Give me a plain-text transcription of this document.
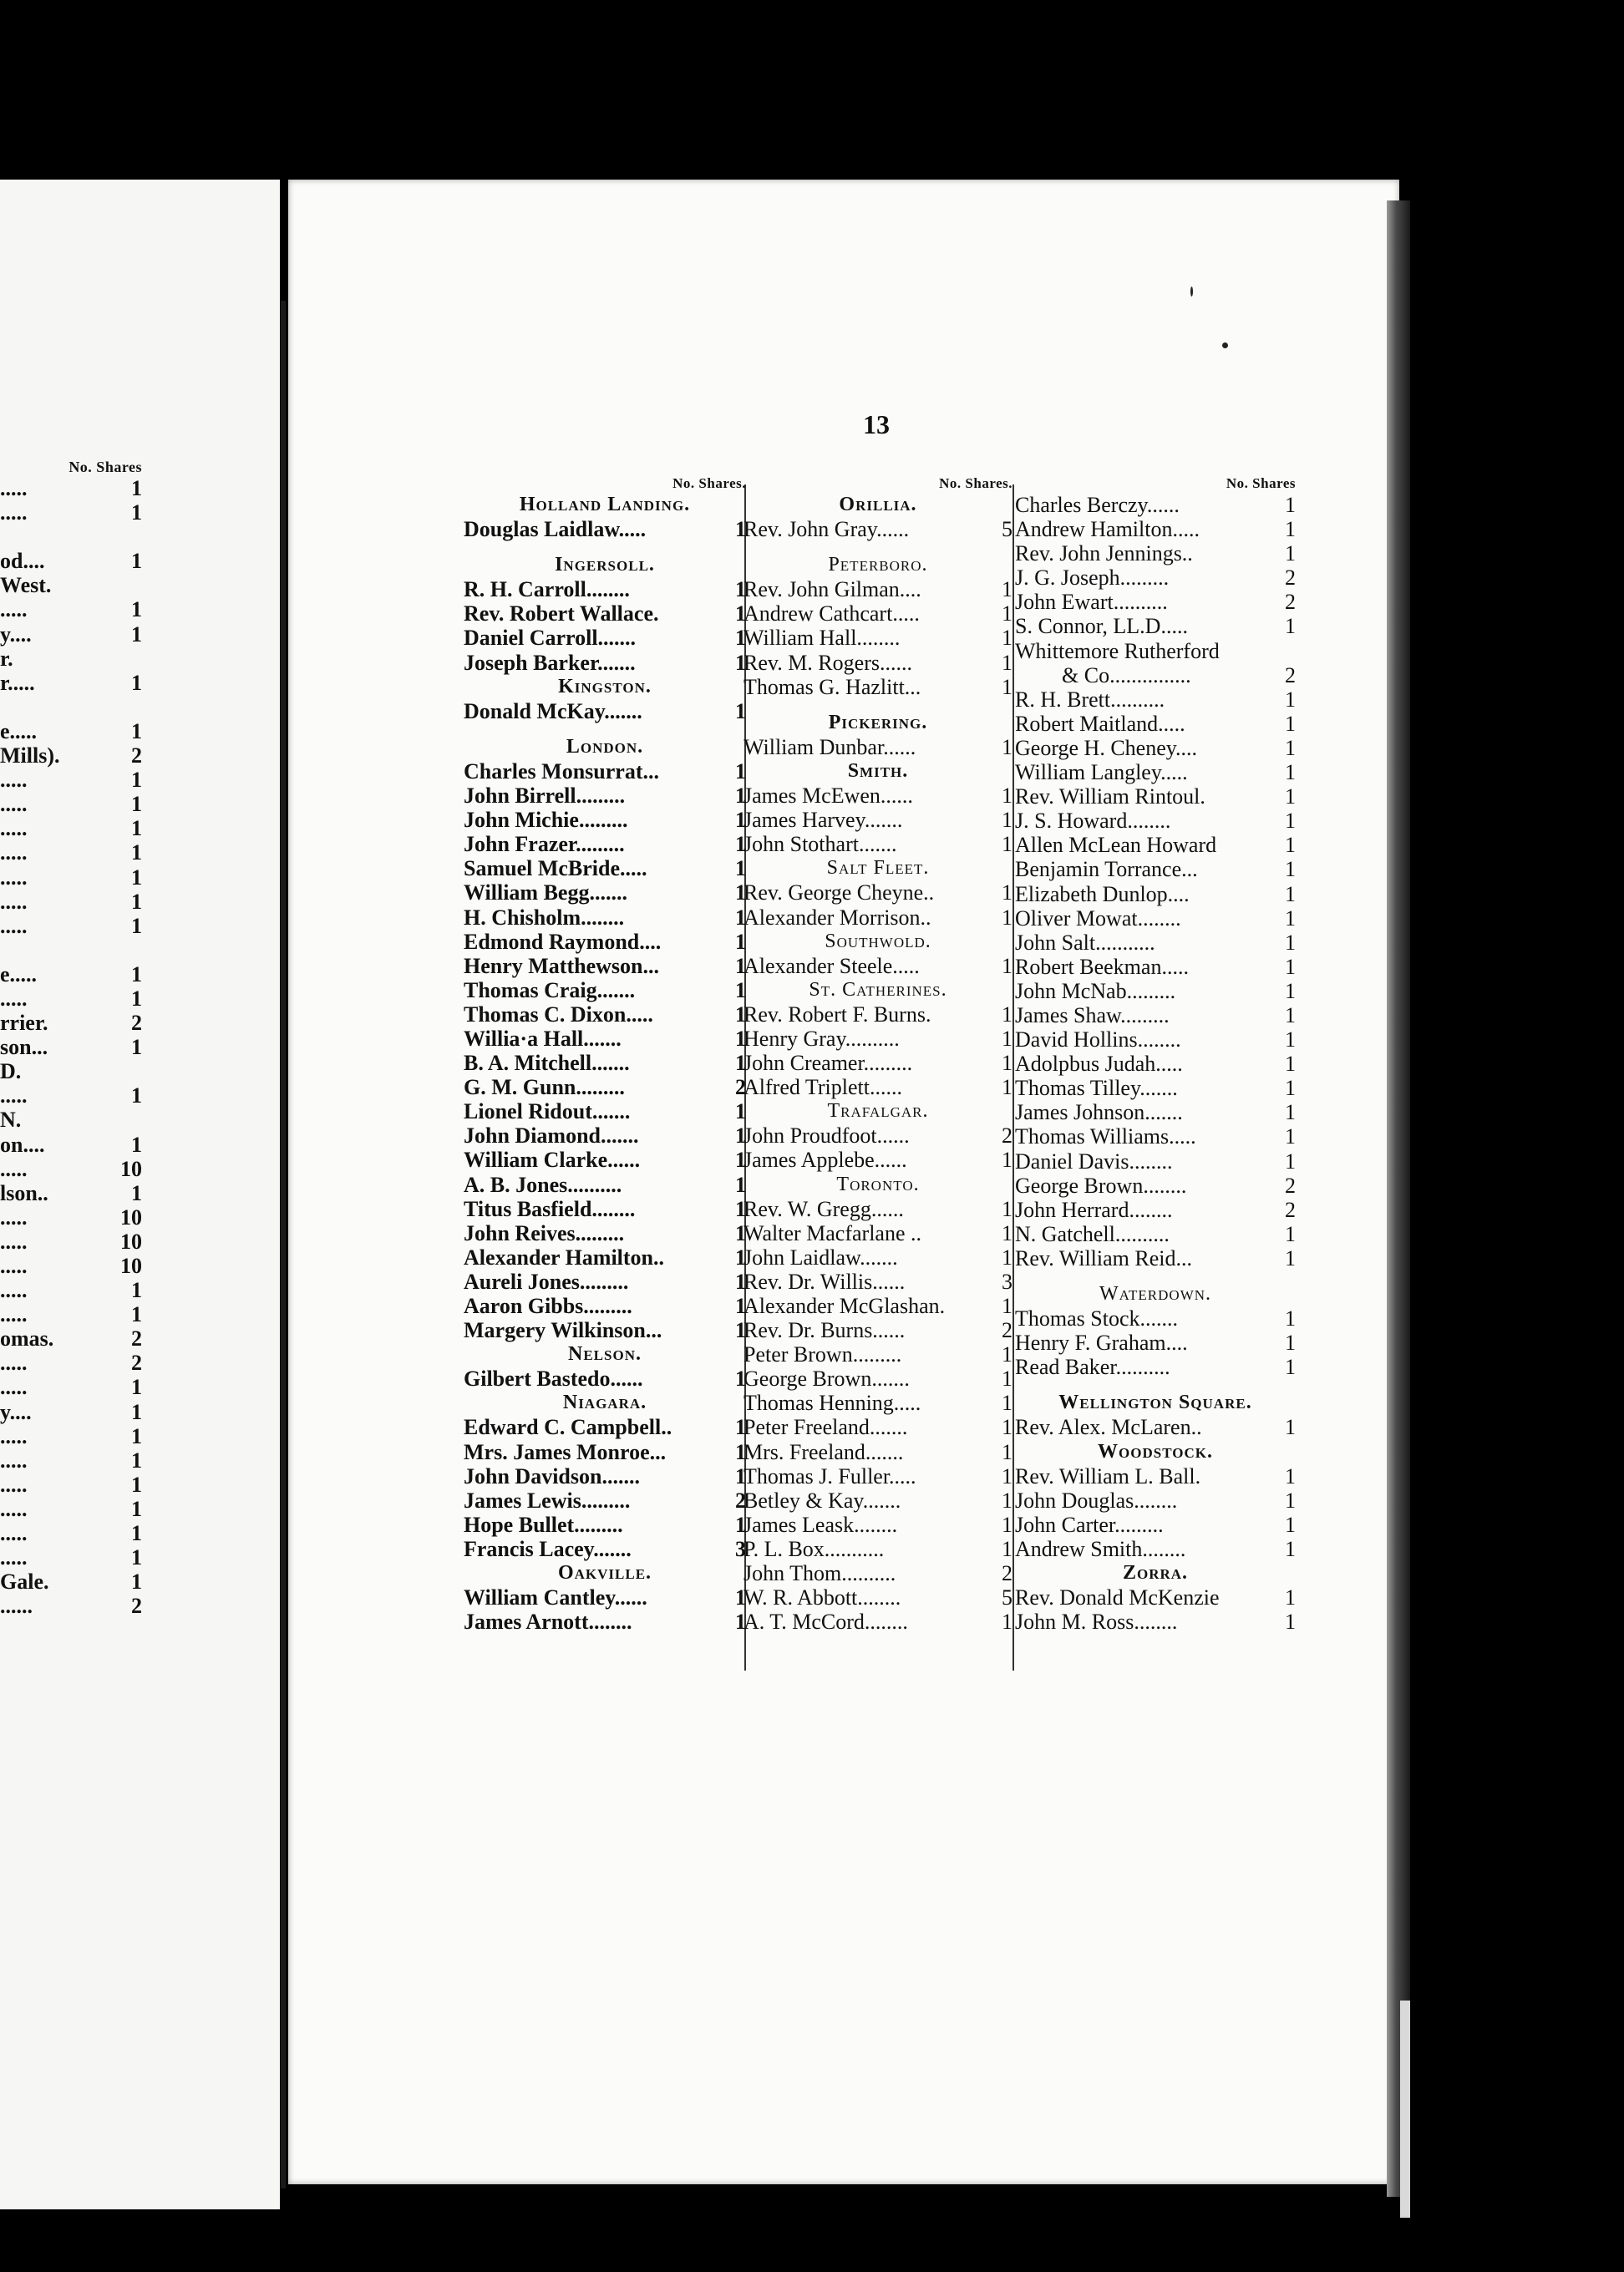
No. Shares
.....	1
.....	1
od....	1
West.
.....	1
y....	1
r.
r.....	1
e.....	1
Mills).	2
.....	1
.....	1
.....	1
.....	1
.....	1
.....	1
.....	1
e.....	1
.....	1
rrier.	2
son...	1
D.
.....	1
N.
on....	1
.....	10
lson..	1
.....	10
.....	10
.....	10
.....	1
.....	1
omas.	2
.....	2
.....	1
y....	1
.....	1
.....	1
.....	1
.....	1
.....	1
.....	1
Gale.	1
......	2
13
No. Shares.
Holland Landing.
Douglas Laidlaw.....	1
Ingersoll.
R. H. Carroll........	1
Rev. Robert Wallace.	1
Daniel Carroll.......	1
Joseph Barker.......	1
Kingston.
Donald McKay.......	1
London.
Charles Monsurrat...	1
John Birrell.........	1
John Michie.........	1
John Frazer.........	1
Samuel McBride.....	1
William Begg.......	1
H. Chisholm........	1
Edmond Raymond....	1
Henry Matthewson...	1
Thomas Craig.......	1
Thomas C. Dixon.....	1
Willia·a Hall.......	1
B. A. Mitchell.......	1
G. M. Gunn.........	2
Lionel Ridout.......	1
John Diamond.......	1
William Clarke......	1
A. B. Jones..........	1
Titus Basfield........	1
John Reives.........	1
Alexander Hamilton..	1
Aureli Jones.........	1
Aaron Gibbs.........	1
Margery Wilkinson...	1
Nelson.
Gilbert Bastedo......	1
Niagara.
Edward C. Campbell..	1
Mrs. James Monroe...	1
John Davidson.......	1
James Lewis.........	2
Hope Bullet.........	1
Francis Lacey.......	3
Oakville.
William Cantley......	1
James Arnott........	1
No. Shares.
Orillia.
Rev. John Gray......	5
Peterboro.
Rev. John Gilman....	1
Andrew Cathcart.....	1
William Hall........	1
Rev. M. Rogers......	1
Thomas G. Hazlitt...	1
Pickering.
William Dunbar......	1
Smith.
James McEwen......	1
James Harvey.......	1
John Stothart.......	1
Salt Fleet.
Rev. George Cheyne..	1
Alexander Morrison..	1
Southwold.
Alexander Steele.....	1
St. Catherines.
Rev. Robert F. Burns.	1
Henry Gray..........	1
John Creamer.........	1
Alfred Triplett......	1
Trafalgar.
John Proudfoot......	2
James Applebe......	1
Toronto.
Rev. W. Gregg......	1
Walter Macfarlane ..	1
John Laidlaw.......	1
Rev. Dr. Willis......	3
Alexander McGlashan.	1
Rev. Dr. Burns......	2
Peter Brown.........	1
George Brown.......	1
Thomas Henning.....	1
Peter Freeland.......	1
Mrs. Freeland.......	1
Thomas J. Fuller.....	1
Betley & Kay.......	1
James Leask........	1
P. L. Box...........	1
John Thom..........	2
W. R. Abbott........	5
A. T. McCord........	1
No. Shares
Charles Berczy......	1
Andrew Hamilton.....	1
Rev. John Jennings..	1
J. G. Joseph.........	2
John Ewart..........	2
S. Connor, LL.D.....	1
Whittemore Rutherford
& Co...............	2
R. H. Brett..........	1
Robert Maitland.....	1
George H. Cheney....	1
William Langley.....	1
Rev. William Rintoul.	1
J. S. Howard........	1
Allen McLean Howard	1
Benjamin Torrance...	1
Elizabeth Dunlop....	1
Oliver Mowat........	1
John Salt...........	1
Robert Beekman.....	1
John McNab.........	1
James Shaw.........	1
David Hollins........	1
Adolpbus Judah.....	1
Thomas Tilley.......	1
James Johnson.......	1
Thomas Williams.....	1
Daniel Davis........	1
George Brown........	2
John Herrard........	2
N. Gatchell..........	1
Rev. William Reid...	1
Waterdown.
Thomas Stock.......	1
Henry F. Graham....	1
Read Baker..........	1
Wellington Square.
Rev. Alex. McLaren..	1
Woodstock.
Rev. William L. Ball.	1
John Douglas........	1
John Carter.........	1
Andrew Smith........	1
Zorra.
Rev. Donald McKenzie	1
John M. Ross........	1
